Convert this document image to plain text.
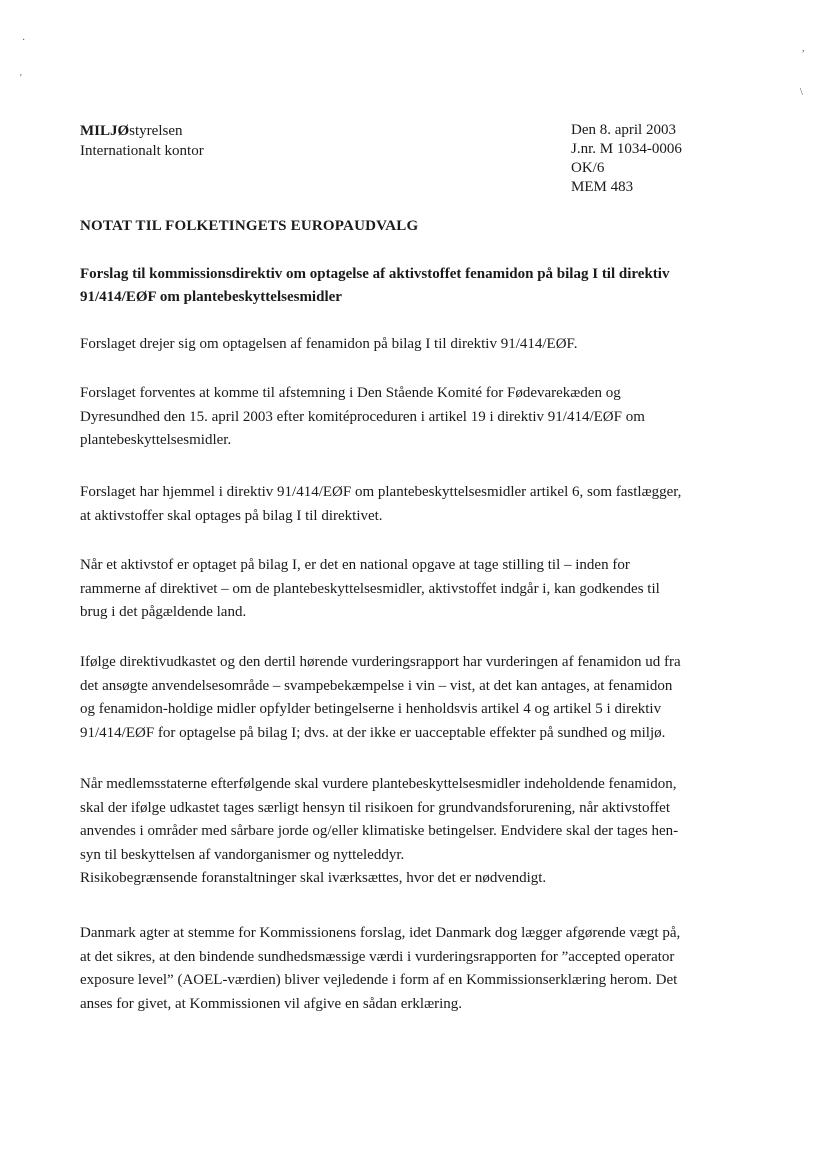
·
'
,
\
MILJØstyrelsen
Internationalt kontor
Den 8. april 2003
J.nr. M 1034-0006
OK/6
MEM 483
NOTAT TIL FOLKETINGETS EUROPAUDVALG
Forslag til kommissionsdirektiv om optagelse af aktivstoffet fenamidon på bilag I til direktiv
91/414/EØF om plantebeskyttelsesmidler
Forslaget drejer sig om optagelsen af fenamidon på bilag I til direktiv 91/414/EØF.
Forslaget forventes at komme til afstemning i Den Stående Komité for Fødevarekæden og
Dyresundhed den 15. april 2003 efter komitéproceduren i artikel 19 i direktiv 91/414/EØF om
plantebeskyttelsesmidler.
Forslaget har hjemmel i direktiv 91/414/EØF om plantebeskyttelsesmidler artikel 6, som fastlægger,
at aktivstoffer skal optages på bilag I til direktivet.
Når et aktivstof er optaget på bilag I, er det en national opgave at tage stilling til – inden for
rammerne af direktivet – om de plantebeskyttelsesmidler, aktivstoffet indgår i, kan godkendes til
brug i det pågældende land.
Ifølge direktivudkastet og den dertil hørende vurderingsrapport har vurderingen af fenamidon ud fra
det ansøgte anvendelsesområde – svampebekæmpelse i vin – vist, at det kan antages, at fenamidon
og fenamidon-holdige midler opfylder betingelserne i henholdsvis artikel 4 og artikel 5 i direktiv
91/414/EØF for optagelse på bilag I; dvs. at der ikke er uacceptable effekter på sundhed og miljø.
Når medlemsstaterne efterfølgende skal vurdere plantebeskyttelsesmidler indeholdende fenamidon,
skal der ifølge udkastet tages særligt hensyn til risikoen for grundvandsforurening, når aktivstoffet
anvendes i områder med sårbare jorde og/eller klimatiske betingelser. Endvidere skal der tages hen-
syn til beskyttelsen af vandorganismer og nytteleddyr.
Risikobegrænsende foranstaltninger skal iværksættes, hvor det er nødvendigt.
Danmark agter at stemme for Kommissionens forslag, idet Danmark dog lægger afgørende vægt på,
at det sikres, at den bindende sundhedsmæssige værdi i vurderingsrapporten for ”accepted operator
exposure level” (AOEL-værdien) bliver vejledende i form af en Kommissionserklæring herom. Det
anses for givet, at Kommissionen vil afgive en sådan erklæring.
